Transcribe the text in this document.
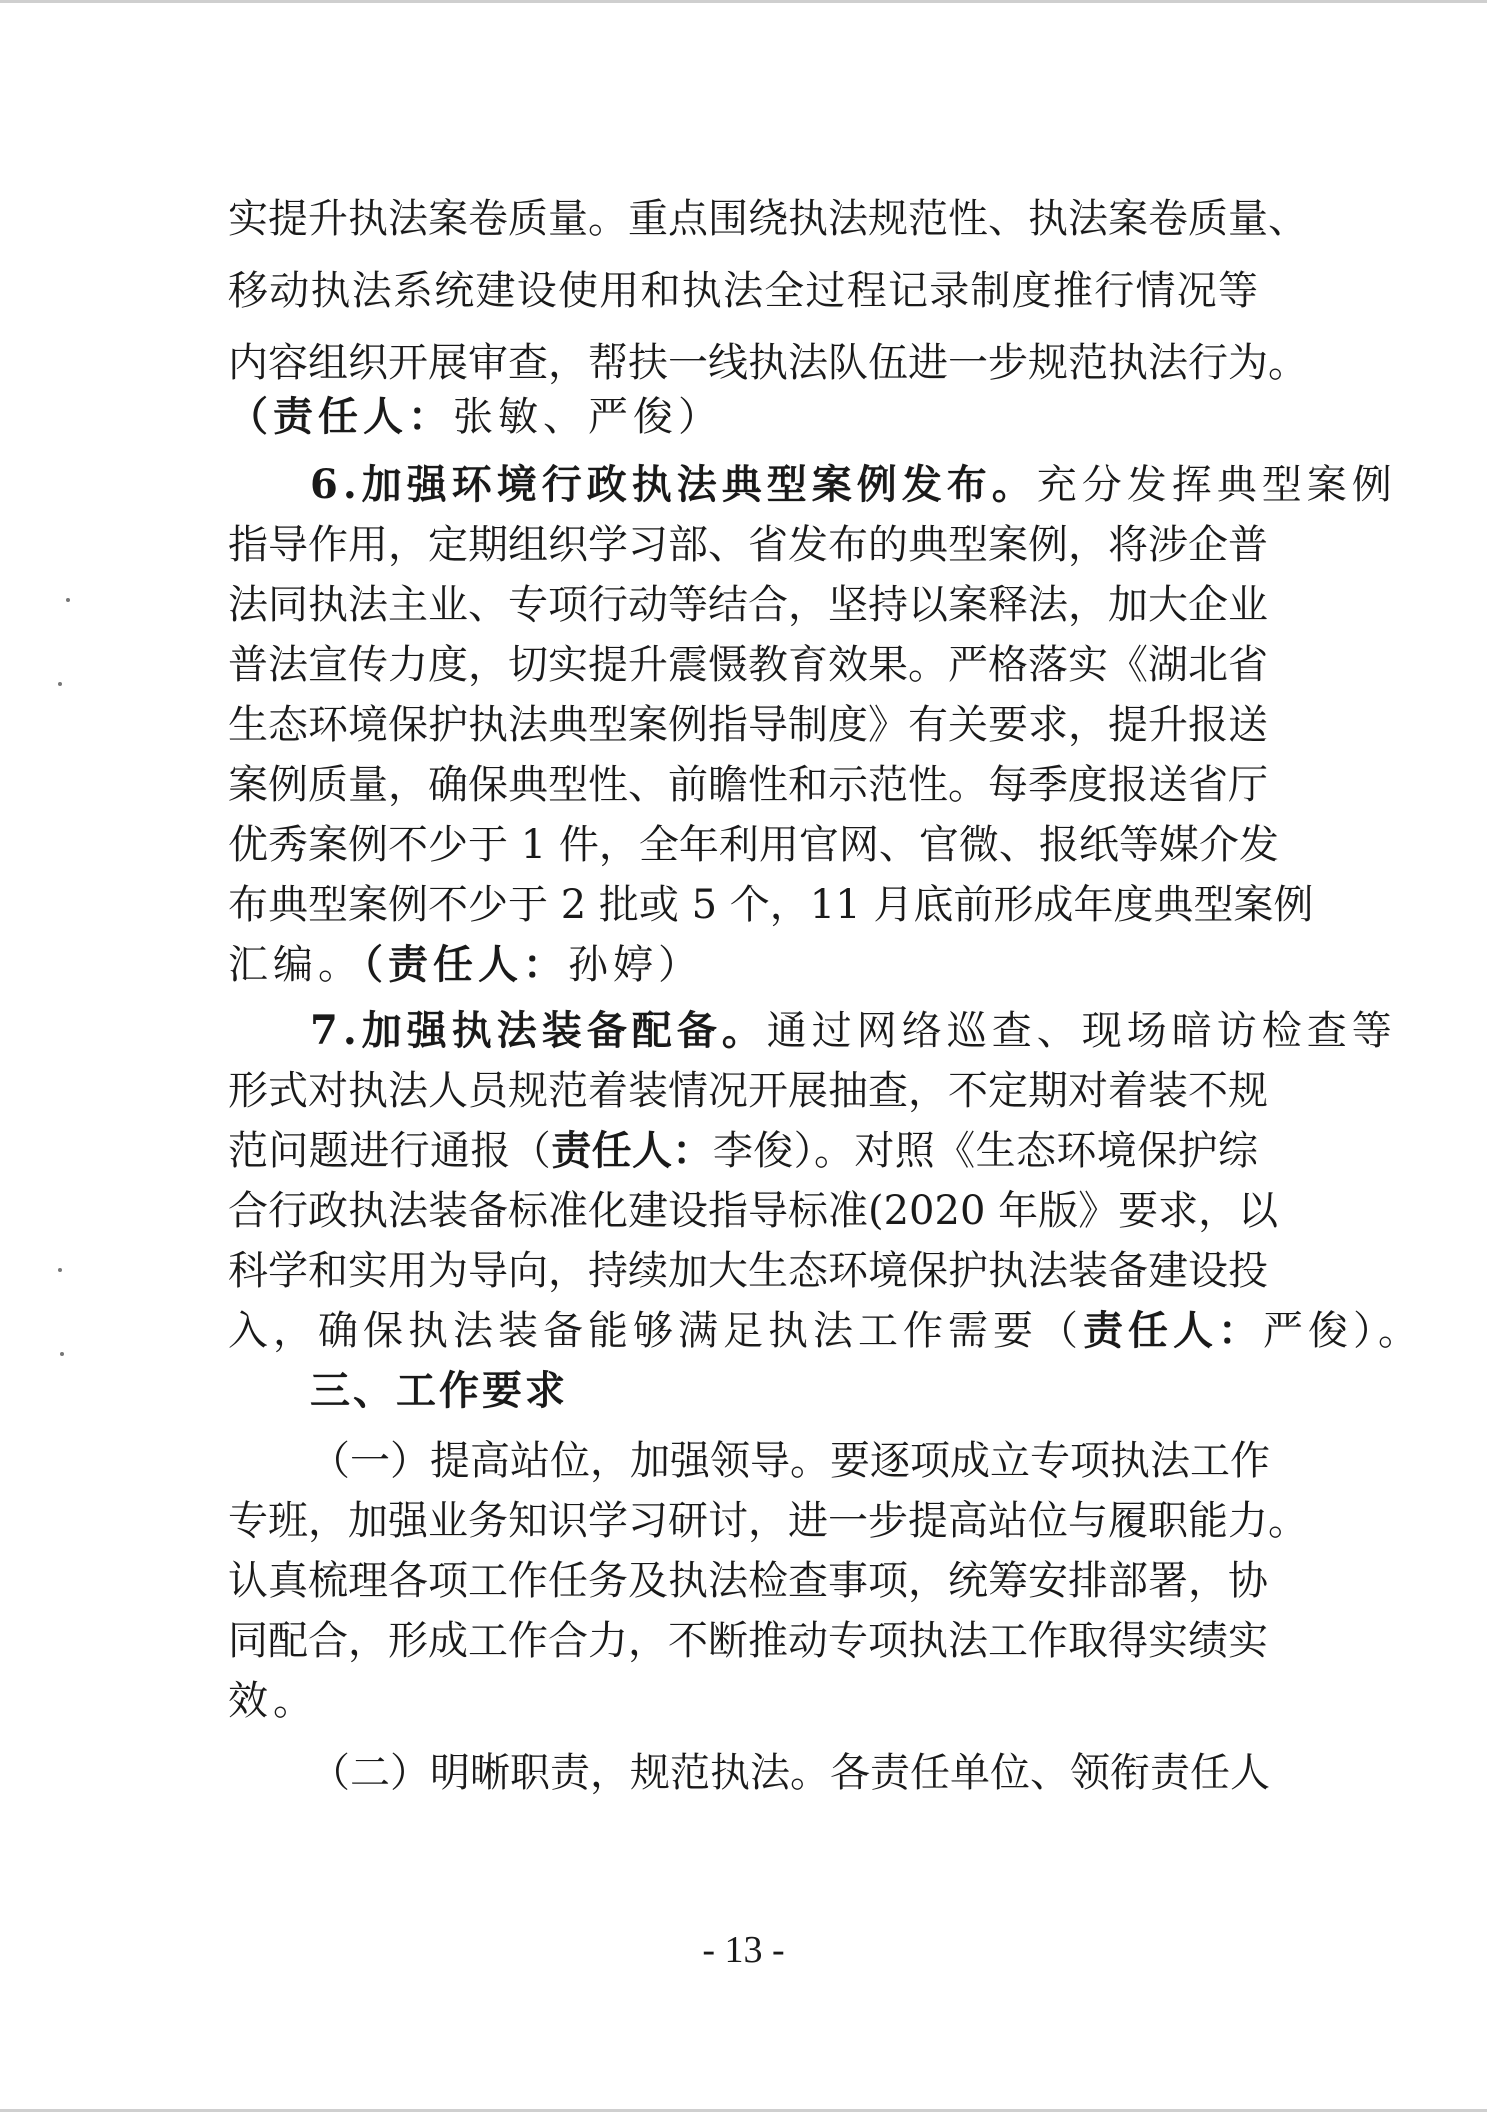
实提升执法案卷质量。重点围绕执法规范性、执法案卷质量、
移动执法系统建设使用和执法全过程记录制度推行情况等
内容组织开展审查，帮扶一线执法队伍进一步规范执法行为。
（责任人：张敏、严俊）
6.加强环境行政执法典型案例发布。充分发挥典型案例
指导作用，定期组织学习部、省发布的典型案例，将涉企普
法同执法主业、专项行动等结合，坚持以案释法，加大企业
普法宣传力度，切实提升震慑教育效果。严格落实《湖北省
生态环境保护执法典型案例指导制度》有关要求，提升报送
案例质量，确保典型性、前瞻性和示范性。每季度报送省厅
优秀案例不少于 1 件，全年利用官网、官微、报纸等媒介发
布典型案例不少于 2 批或 5 个，11 月底前形成年度典型案例
汇编。（责任人：孙婷）
7.加强执法装备配备。通过网络巡查、现场暗访检查等
形式对执法人员规范着装情况开展抽查，不定期对着装不规
范问题进行通报（责任人：李俊）。对照《生态环境保护综
合行政执法装备标准化建设指导标准(2020 年版》要求，以
科学和实用为导向，持续加大生态环境保护执法装备建设投
入，确保执法装备能够满足执法工作需要（责任人：严俊）。
三、工作要求
（一）提高站位，加强领导。要逐项成立专项执法工作
专班，加强业务知识学习研讨，进一步提高站位与履职能力。
认真梳理各项工作任务及执法检查事项，统筹安排部署，协
同配合，形成工作合力，不断推动专项执法工作取得实绩实
效。
（二）明晰职责，规范执法。各责任单位、领衔责任人
- 13 -
